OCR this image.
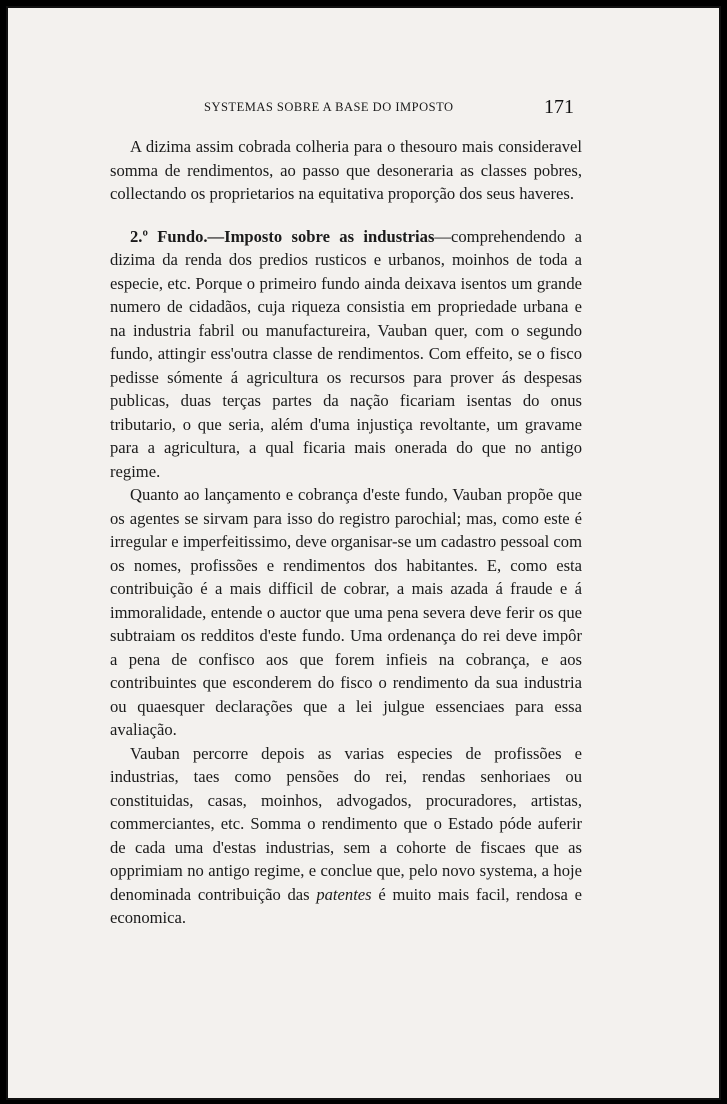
SYSTEMAS SOBRE A BASE DO IMPOSTO	171

A dizima assim cobrada colheria para o thesouro mais consideravel somma de rendimentos, ao passo que desoneraria as classes pobres, collectando os proprietarios na equitativa proporção dos seus haveres.

2.º Fundo.—Imposto sobre as industrias—comprehendendo a dizima da renda dos predios rusticos e urbanos, moinhos de toda a especie, etc. Porque o primeiro fundo ainda deixava isentos um grande numero de cidadãos, cuja riqueza consistia em propriedade urbana e na industria fabril ou manufactureira, Vauban quer, com o segundo fundo, attingir ess'outra classe de rendimentos. Com effeito, se o fisco pedisse sómente á agricultura os recursos para prover ás despesas publicas, duas terças partes da nação ficariam isentas do onus tributario, o que seria, além d'uma injustiça revoltante, um gravame para a agricultura, a qual ficaria mais onerada do que no antigo regime.

Quanto ao lançamento e cobrança d'este fundo, Vauban propõe que os agentes se sirvam para isso do registro parochial; mas, como este é irregular e imperfeitissimo, deve organisar-se um cadastro pessoal com os nomes, profissões e rendimentos dos habitantes. E, como esta contribuição é a mais difficil de cobrar, a mais azada á fraude e á immoralidade, entende o auctor que uma pena severa deve ferir os que subtraiam os redditos d'este fundo. Uma ordenança do rei deve impôr a pena de confisco aos que forem infieis na cobrança, e aos contribuintes que esconderem do fisco o rendimento da sua industria ou quaesquer declarações que a lei julgue essenciaes para essa avaliação.

Vauban percorre depois as varias especies de profissões e industrias, taes como pensões do rei, rendas senhoriaes ou constituidas, casas, moinhos, advogados, procuradores, artistas, commerciantes, etc. Somma o rendimento que o Estado póde auferir de cada uma d'estas industrias, sem a cohorte de fiscaes que as opprimiam no antigo regime, e conclue que, pelo novo systema, a hoje denominada contribuição das patentes é muito mais facil, rendosa e economica.
